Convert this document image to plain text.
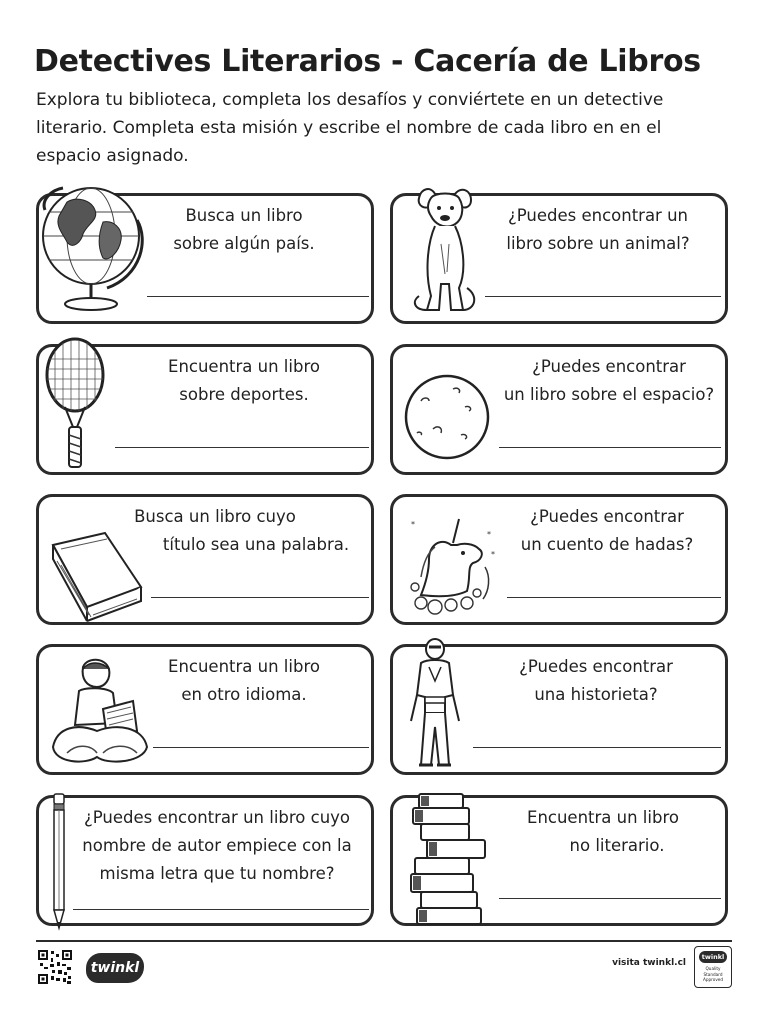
Detectives Literarios - Cacería de Libros
Explora tu biblioteca, completa los desafíos y conviértete en un detective
literario. Completa esta misión y escribe el nombre de cada libro en en el
espacio asignado.
Busca un libro
sobre algún país.
¿Puedes encontrar un
libro sobre un animal?
Encuentra un libro
sobre deportes.
¿Puedes encontrar
un libro sobre el espacio?
Busca un libro cuyo
título sea una palabra.
*
*
*
¿Puedes encontrar
un cuento de hadas?
Encuentra un libro
en otro idioma.
¿Puedes encontrar
una historieta?
¿Puedes encontrar un libro cuyo
nombre de autor empiece con la
misma letra que tu nombre?
Encuentra un libro
no literario.
twinkl	visita twinkl.cl
twinkl
Quality Standard
Approved
